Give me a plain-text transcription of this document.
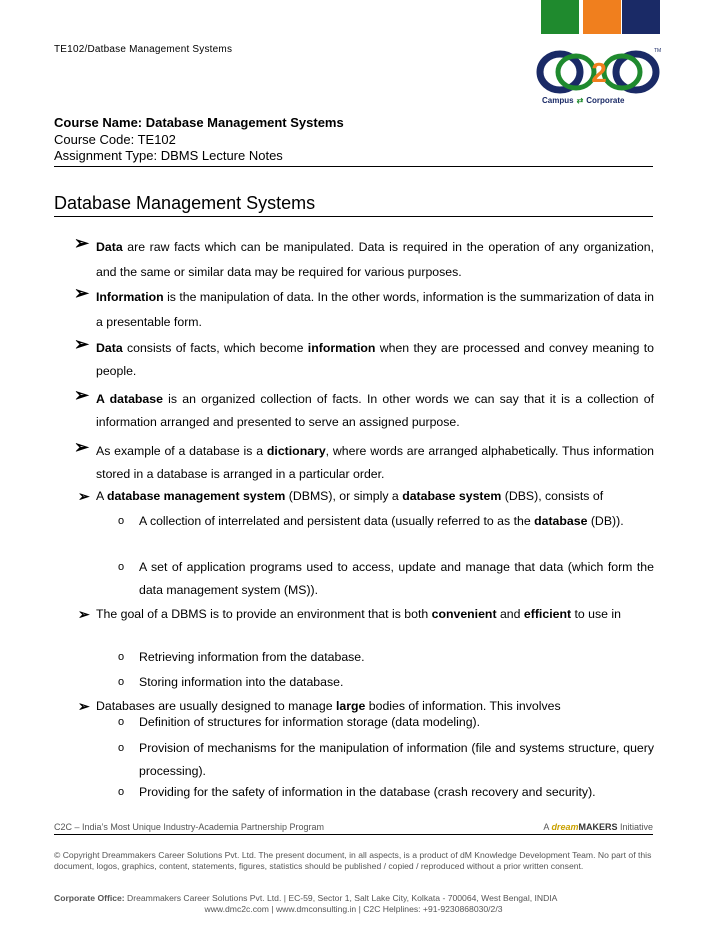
TE102/Datbase Management Systems
2
TM
Campus ⇄ Corporate
Course Name: Database Management Systems
Course Code: TE102
Assignment Type: DBMS Lecture Notes
Database Management Systems
➢ Data are raw facts which can be manipulated. Data is required in the operation of any organization, and the same or similar data may be required for various purposes.
➢ Information is the manipulation of data. In the other words, information is the summarization of data in a presentable form.
➢ Data consists of facts, which become information when they are processed and convey meaning to people.
➢ A database is an organized collection of facts. In other words we can say that it is a collection of information arranged and presented to serve an assigned purpose.
➢ As example of a database is a dictionary, where words are arranged alphabetically. Thus information stored in a database is arranged in a particular order.
➢ A database management system (DBMS), or simply a database system (DBS), consists of
o A collection of interrelated and persistent data (usually referred to as the database (DB)).
o A set of application programs used to access, update and manage that data (which form the data management system (MS)).
➢ The goal of a DBMS is to provide an environment that is both convenient and efficient to use in
o Retrieving information from the database.
o Storing information into the database.
➢ Databases are usually designed to manage large bodies of information. This involves
o Definition of structures for information storage (data modeling).
o Provision of mechanisms for the manipulation of information (file and systems structure, query processing).
o Providing for the safety of information in the database (crash recovery and security).
C2C – India’s Most Unique Industry-Academia Partnership Program	A dreamMAKERS Initiative
© Copyright Dreammakers Career Solutions Pvt. Ltd. The present document, in all aspects, is a product of dM Knowledge Development Team. No part of this document, logos, graphics, content, statements, figures, statistics should be published / copied / reproduced without a prior written consent.
Corporate Office: Dreammakers Career Solutions Pvt. Ltd. | EC-59, Sector 1, Salt Lake City, Kolkata - 700064, West Bengal, INDIA
www.dmc2c.com | www.dmconsulting.in | C2C Helplines: +91-9230868030/2/3
